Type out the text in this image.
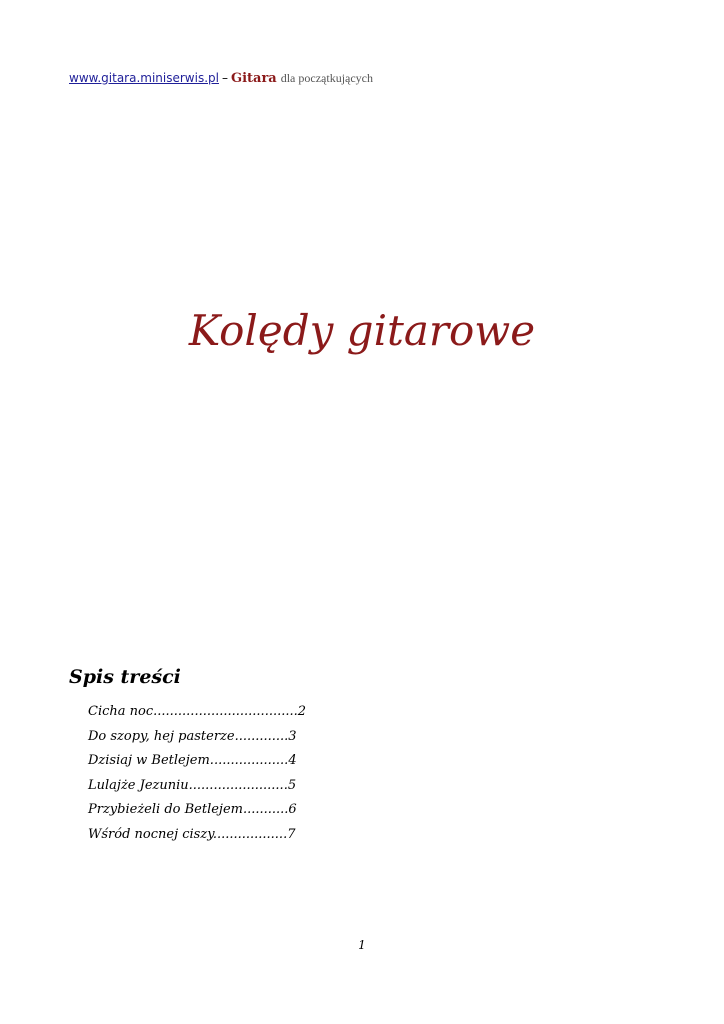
www.gitara.miniserwis.pl – Gitara dla początkujących
Kolędy gitarowe
Spis treści
Cicha noc...................................2
Do szopy, hej pasterze.............3
Dzisiaj w Betlejem...................4
Lulajże Jezuniu........................5
Przybieżeli do Betlejem...........6
Wśród nocnej ciszy..................7
1
